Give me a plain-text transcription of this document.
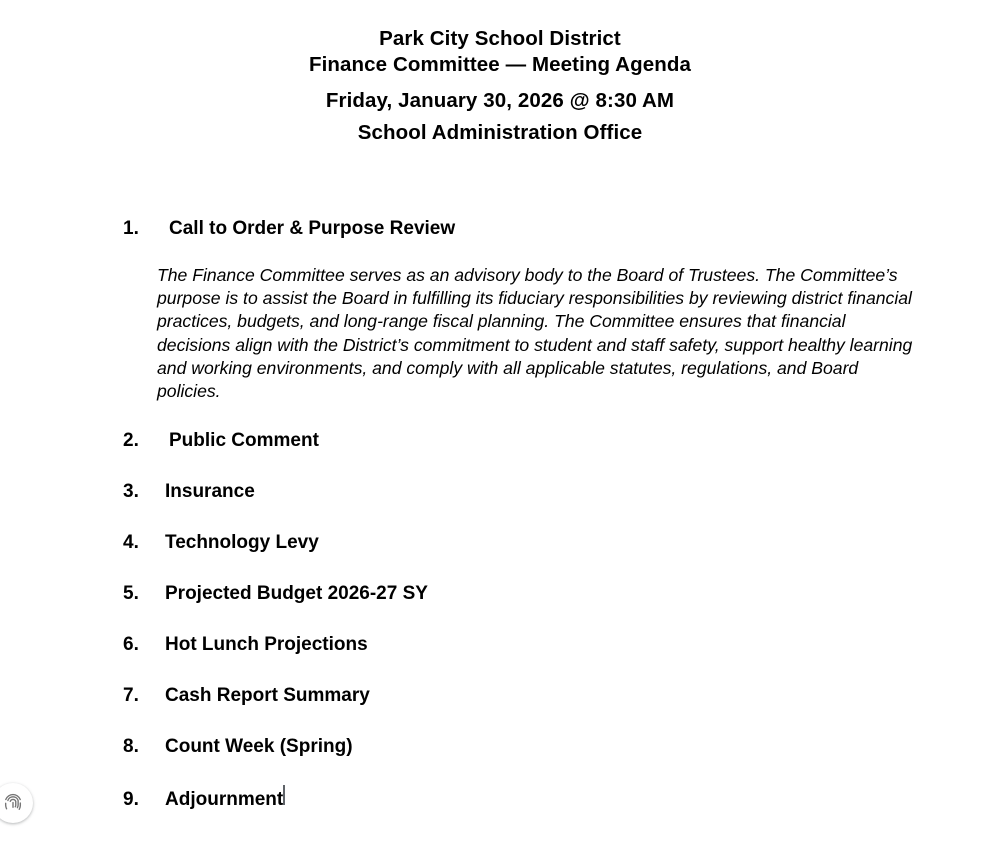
Park City School District
Finance Committee — Meeting Agenda
Friday, January 30, 2026 @ 8:30 AM
School Administration Office
1.	Call to Order & Purpose Review
The Finance Committee serves as an advisory body to the Board of Trustees. The Committee’s purpose is to assist the Board in fulfilling its fiduciary responsibilities by reviewing district financial practices, budgets, and long-range fiscal planning. The Committee ensures that financial decisions align with the District’s commitment to student and staff safety, support healthy learning and working environments, and comply with all applicable statutes, regulations, and Board policies.
2.	Public Comment
3.	Insurance
4.	Technology Levy
5.	Projected Budget 2026-27 SY
6.	Hot Lunch Projections
7.	Cash Report Summary
8.	Count Week (Spring)
9.	Adjournment
